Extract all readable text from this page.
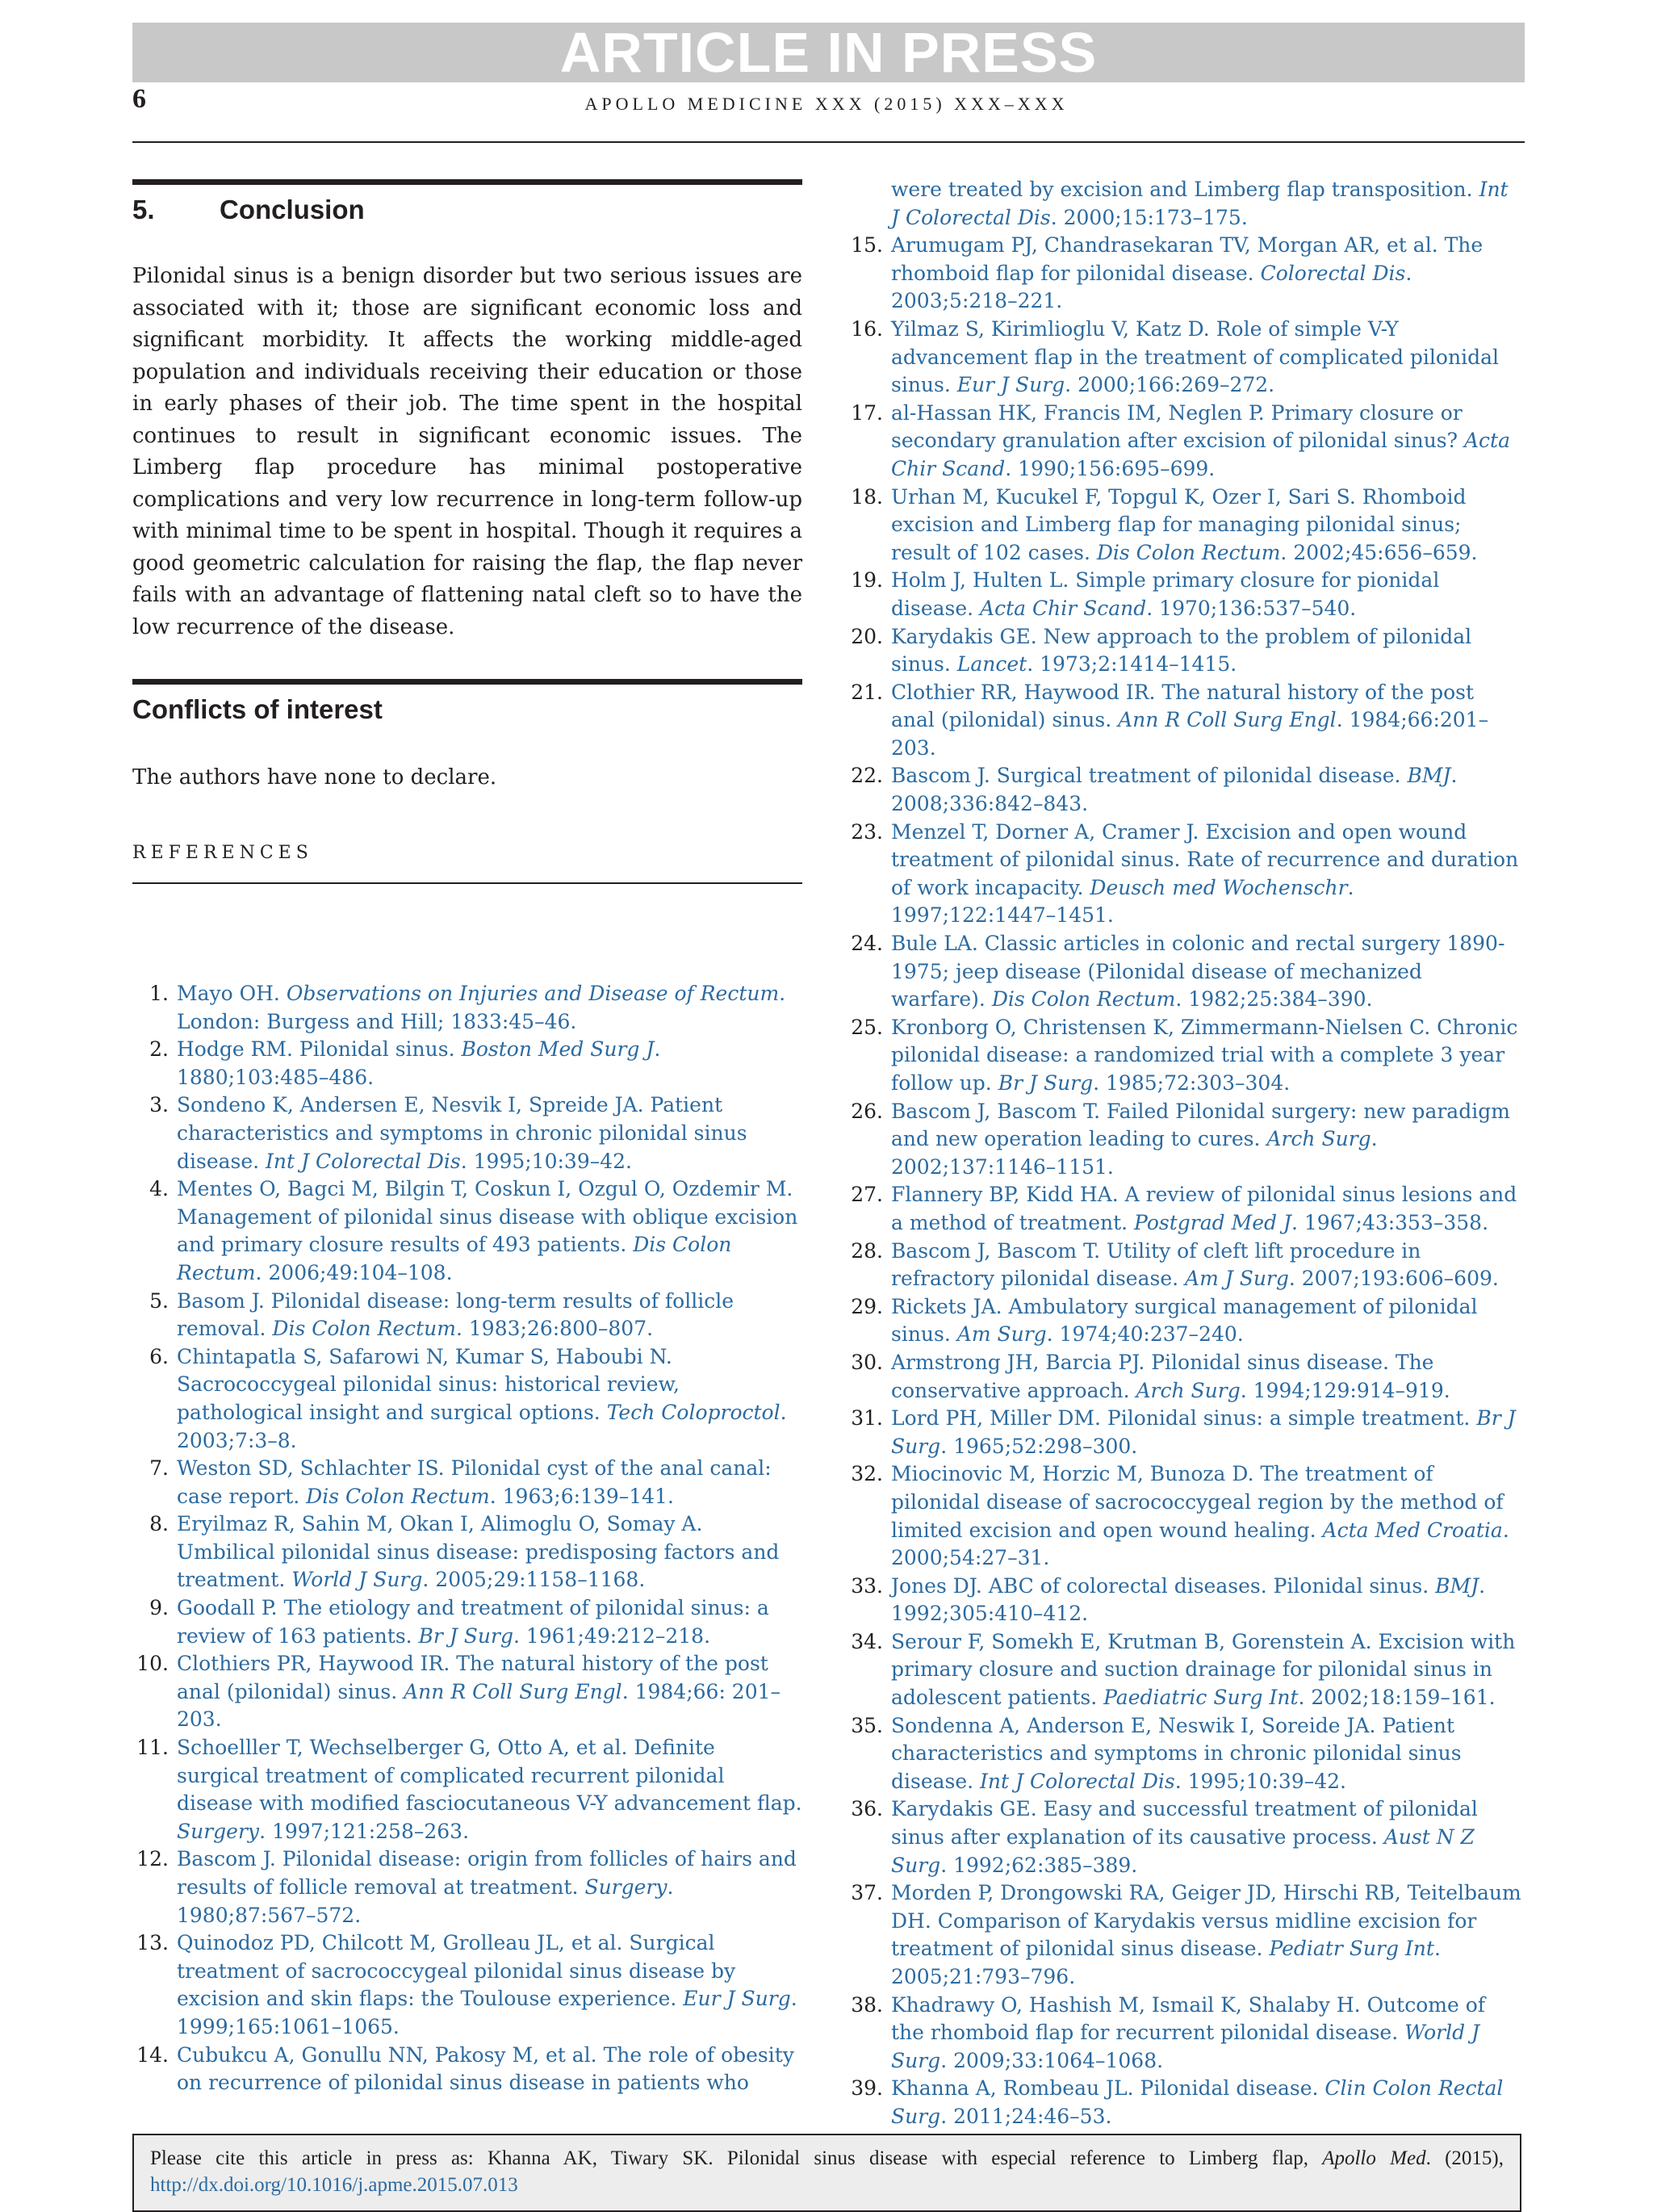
ARTICLE IN PRESS
6	APOLLO MEDICINE XXX (2015) XXX–XXX
5. Conclusion
Pilonidal sinus is a benign disorder but two serious issues are associated with it; those are significant economic loss and significant morbidity. It affects the working middle-aged population and individuals receiving their education or those in early phases of their job. The time spent in the hospital continues to result in significant economic issues. The Limberg flap procedure has minimal postoperative complications and very low recurrence in long-term follow-up with minimal time to be spent in hospital. Though it requires a good geometric calculation for raising the flap, the flap never fails with an advantage of flattening natal cleft so to have the low recurrence of the disease.
Conflicts of interest
The authors have none to declare.
REFERENCES
1. Mayo OH. Observations on Injuries and Disease of Rectum. London: Burgess and Hill; 1833:45–46.
2. Hodge RM. Pilonidal sinus. Boston Med Surg J. 1880;103:485–486.
3. Sondeno K, Andersen E, Nesvik I, Spreide JA. Patient characteristics and symptoms in chronic pilonidal sinus disease. Int J Colorectal Dis. 1995;10:39–42.
4. Mentes O, Bagci M, Bilgin T, Coskun I, Ozgul O, Ozdemir M. Management of pilonidal sinus disease with oblique excision and primary closure results of 493 patients. Dis Colon Rectum. 2006;49:104–108.
5. Basom J. Pilonidal disease: long-term results of follicle removal. Dis Colon Rectum. 1983;26:800–807.
6. Chintapatla S, Safarowi N, Kumar S, Haboubi N. Sacrococcygeal pilonidal sinus: historical review, pathological insight and surgical options. Tech Coloproctol. 2003;7:3–8.
7. Weston SD, Schlachter IS. Pilonidal cyst of the anal canal: case report. Dis Colon Rectum. 1963;6:139–141.
8. Eryilmaz R, Sahin M, Okan I, Alimoglu O, Somay A. Umbilical pilonidal sinus disease: predisposing factors and treatment. World J Surg. 2005;29:1158–1168.
9. Goodall P. The etiology and treatment of pilonidal sinus: a review of 163 patients. Br J Surg. 1961;49:212–218.
10. Clothiers PR, Haywood IR. The natural history of the post anal (pilonidal) sinus. Ann R Coll Surg Engl. 1984;66: 201–203.
11. Schoelller T, Wechselberger G, Otto A, et al. Definite surgical treatment of complicated recurrent pilonidal disease with modified fasciocutaneous V-Y advancement flap. Surgery. 1997;121:258–263.
12. Bascom J. Pilonidal disease: origin from follicles of hairs and results of follicle removal at treatment. Surgery. 1980;87:567–572.
13. Quinodoz PD, Chilcott M, Grolleau JL, et al. Surgical treatment of sacrococcygeal pilonidal sinus disease by excision and skin flaps: the Toulouse experience. Eur J Surg. 1999;165:1061–1065.
14. Cubukcu A, Gonullu NN, Pakosy M, et al. The role of obesity on recurrence of pilonidal sinus disease in patients who
were treated by excision and Limberg flap transposition. Int J Colorectal Dis. 2000;15:173–175.
15. Arumugam PJ, Chandrasekaran TV, Morgan AR, et al. The rhomboid flap for pilonidal disease. Colorectal Dis. 2003;5:218–221.
16. Yilmaz S, Kirimlioglu V, Katz D. Role of simple V-Y advancement flap in the treatment of complicated pilonidal sinus. Eur J Surg. 2000;166:269–272.
17. al-Hassan HK, Francis IM, Neglen P. Primary closure or secondary granulation after excision of pilonidal sinus? Acta Chir Scand. 1990;156:695–699.
18. Urhan M, Kucukel F, Topgul K, Ozer I, Sari S. Rhomboid excision and Limberg flap for managing pilonidal sinus; result of 102 cases. Dis Colon Rectum. 2002;45:656–659.
19. Holm J, Hulten L. Simple primary closure for pionidal disease. Acta Chir Scand. 1970;136:537–540.
20. Karydakis GE. New approach to the problem of pilonidal sinus. Lancet. 1973;2:1414–1415.
21. Clothier RR, Haywood IR. The natural history of the post anal (pilonidal) sinus. Ann R Coll Surg Engl. 1984;66:201–203.
22. Bascom J. Surgical treatment of pilonidal disease. BMJ. 2008;336:842–843.
23. Menzel T, Dorner A, Cramer J. Excision and open wound treatment of pilonidal sinus. Rate of recurrence and duration of work incapacity. Deusch med Wochenschr. 1997;122:1447–1451.
24. Bule LA. Classic articles in colonic and rectal surgery 1890-1975; jeep disease (Pilonidal disease of mechanized warfare). Dis Colon Rectum. 1982;25:384–390.
25. Kronborg O, Christensen K, Zimmermann-Nielsen C. Chronic pilonidal disease: a randomized trial with a complete 3 year follow up. Br J Surg. 1985;72:303–304.
26. Bascom J, Bascom T. Failed Pilonidal surgery: new paradigm and new operation leading to cures. Arch Surg. 2002;137:1146–1151.
27. Flannery BP, Kidd HA. A review of pilonidal sinus lesions and a method of treatment. Postgrad Med J. 1967;43:353–358.
28. Bascom J, Bascom T. Utility of cleft lift procedure in refractory pilonidal disease. Am J Surg. 2007;193:606–609.
29. Rickets JA. Ambulatory surgical management of pilonidal sinus. Am Surg. 1974;40:237–240.
30. Armstrong JH, Barcia PJ. Pilonidal sinus disease. The conservative approach. Arch Surg. 1994;129:914–919.
31. Lord PH, Miller DM. Pilonidal sinus: a simple treatment. Br J Surg. 1965;52:298–300.
32. Miocinovic M, Horzic M, Bunoza D. The treatment of pilonidal disease of sacrococcygeal region by the method of limited excision and open wound healing. Acta Med Croatia. 2000;54:27–31.
33. Jones DJ. ABC of colorectal diseases. Pilonidal sinus. BMJ. 1992;305:410–412.
34. Serour F, Somekh E, Krutman B, Gorenstein A. Excision with primary closure and suction drainage for pilonidal sinus in adolescent patients. Paediatric Surg Int. 2002;18:159–161.
35. Sondenna A, Anderson E, Neswik I, Soreide JA. Patient characteristics and symptoms in chronic pilonidal sinus disease. Int J Colorectal Dis. 1995;10:39–42.
36. Karydakis GE. Easy and successful treatment of pilonidal sinus after explanation of its causative process. Aust N Z Surg. 1992;62:385–389.
37. Morden P, Drongowski RA, Geiger JD, Hirschi RB, Teitelbaum DH. Comparison of Karydakis versus midline excision for treatment of pilonidal sinus disease. Pediatr Surg Int. 2005;21:793–796.
38. Khadrawy O, Hashish M, Ismail K, Shalaby H. Outcome of the rhomboid flap for recurrent pilonidal disease. World J Surg. 2009;33:1064–1068.
39. Khanna A, Rombeau JL. Pilonidal disease. Clin Colon Rectal Surg. 2011;24:46–53.
Please cite this article in press as: Khanna AK, Tiwary SK. Pilonidal sinus disease with especial reference to Limberg flap, Apollo Med. (2015), http://dx.doi.org/10.1016/j.apme.2015.07.013
